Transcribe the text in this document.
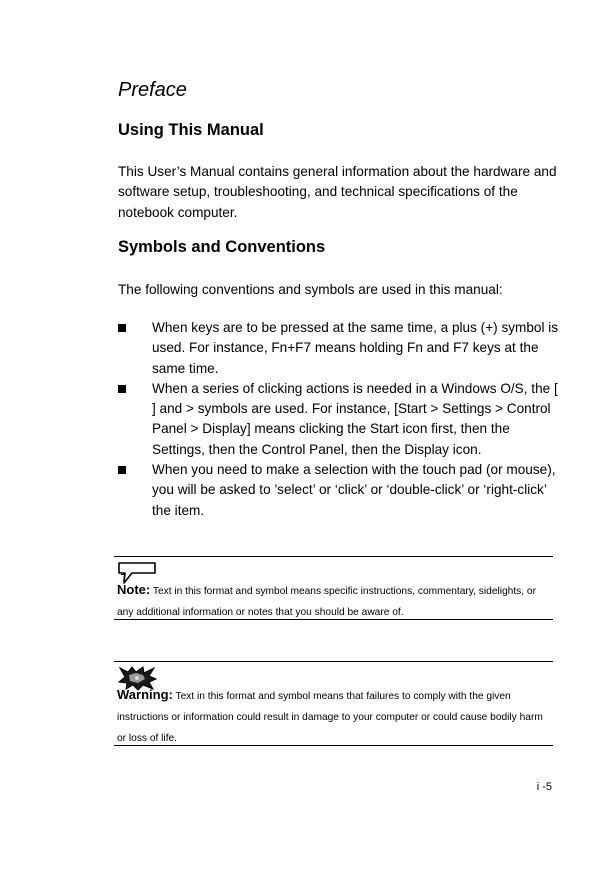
Preface
Using This Manual

This User’s Manual contains general information about the hardware and software setup, troubleshooting, and technical specifications of the notebook computer.

Symbols and Conventions

The following conventions and symbols are used in this manual:

When keys are to be pressed at the same time, a plus (+) symbol is used. For instance, Fn+F7 means holding Fn and F7 keys at the same time.
When a series of clicking actions is needed in a Windows O/S, the [ ] and > symbols are used. For instance, [Start > Settings > Control Panel > Display] means clicking the Start icon first, then the Settings, then the Control Panel, then the Display icon.
When you need to make a selection with the touch pad (or mouse), you will be asked to ’select’ or ‘click’ or ‘double-click’ or ‘right-click’ the item.

Note: Text in this format and symbol means specific instructions, commentary, sidelights, or any additional information or notes that you should be aware of.

Warning: Text in this format and symbol means that failures to comply with the given instructions or information could result in damage to your computer or could cause bodily harm or loss of life.

i -5
